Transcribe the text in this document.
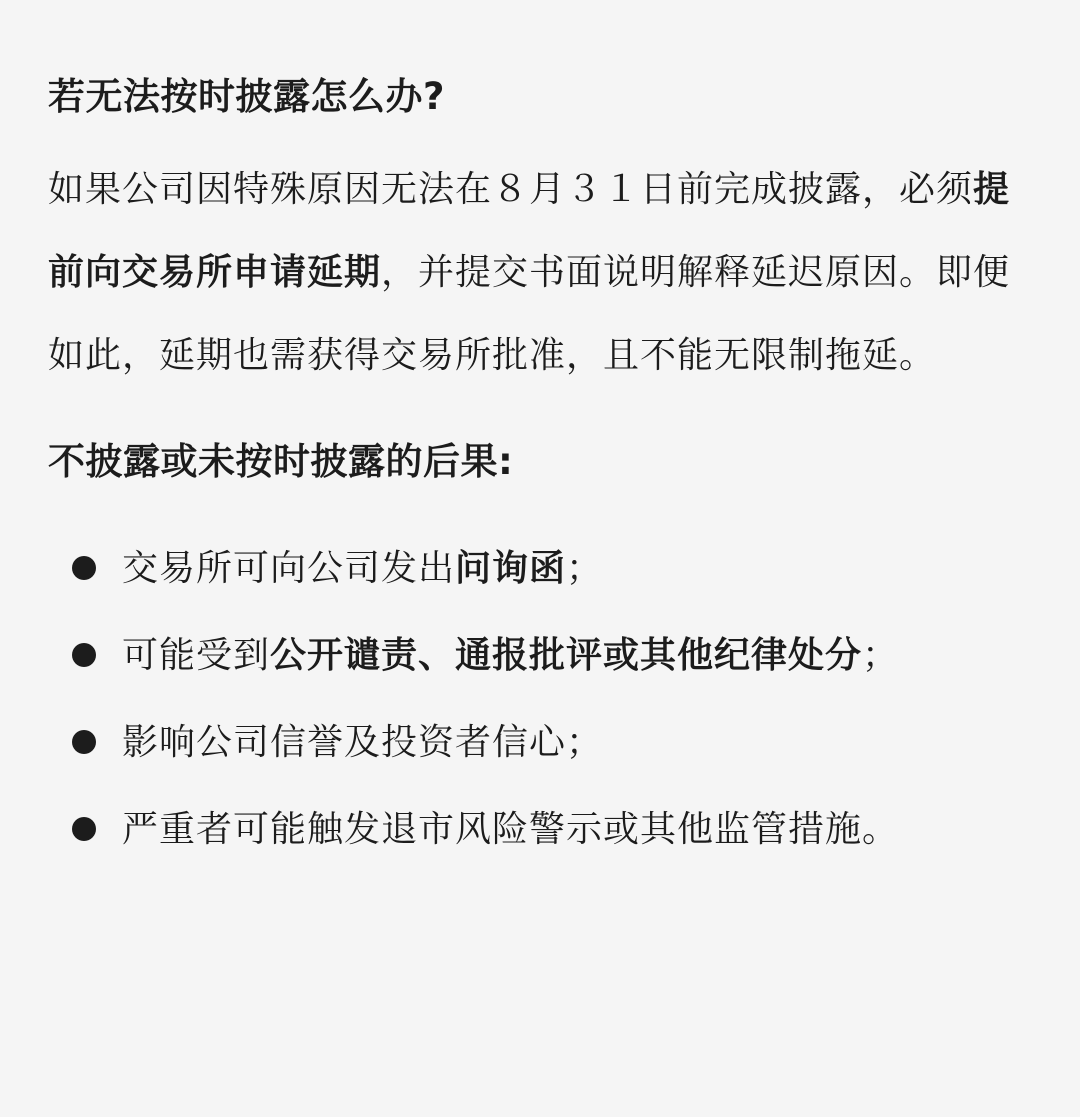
若无法按时披露怎么办?

如果公司因特殊原因无法在８月３１日前完成披露，必须提前向交易所申请延期，并提交书面说明解释延迟原因。即便如此，延期也需获得交易所批准，且不能无限制拖延。

不披露或未按时披露的后果:
交易所可向公司发出问询函；
可能受到公开谴责、通报批评或其他纪律处分；
影响公司信誉及投资者信心；
严重者可能触发退市风险警示或其他监管措施。
